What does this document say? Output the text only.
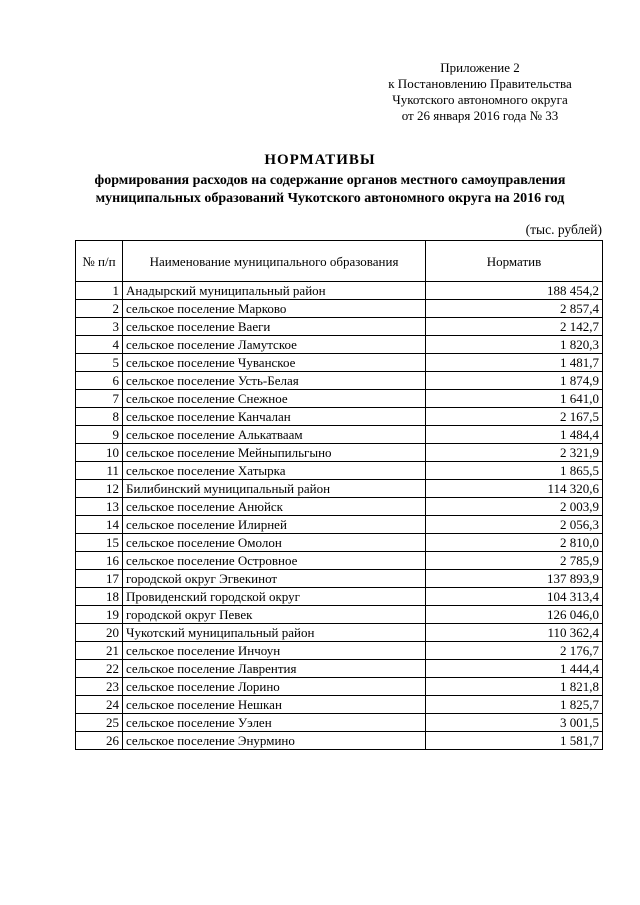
Приложение 2
к Постановлению Правительства
Чукотского автономного округа
от 26 января 2016 года № 33
НОРМАТИВЫ
формирования расходов на содержание органов местного самоуправления
муниципальных образований Чукотского автономного округа на 2016 год
(тыс. рублей)
№ п/п	Наименование муниципального образования	Норматив
1	Анадырский муниципальный район	188 454,2
2	сельское поселение Марково	2 857,4
3	сельское поселение Ваеги	2 142,7
4	сельское поселение Ламутское	1 820,3
5	сельское поселение Чуванское	1 481,7
6	сельское поселение Усть-Белая	1 874,9
7	сельское поселение Снежное	1 641,0
8	сельское поселение Канчалан	2 167,5
9	сельское поселение Алькатваам	1 484,4
10	сельское поселение Мейныпильгыно	2 321,9
11	сельское поселение Хатырка	1 865,5
12	Билибинский муниципальный район	114 320,6
13	сельское поселение Анюйск	2 003,9
14	сельское поселение Илирней	2 056,3
15	сельское поселение Омолон	2 810,0
16	сельское поселение Островное	2 785,9
17	городской округ Эгвекинот	137 893,9
18	Провиденский городской округ	104 313,4
19	городской округ Певек	126 046,0
20	Чукотский муниципальный район	110 362,4
21	сельское поселение Инчоун	2 176,7
22	сельское поселение Лаврентия	1 444,4
23	сельское поселение Лорино	1 821,8
24	сельское поселение Нешкан	1 825,7
25	сельское поселение Уэлен	3 001,5
26	сельское поселение Энурмино	1 581,7
